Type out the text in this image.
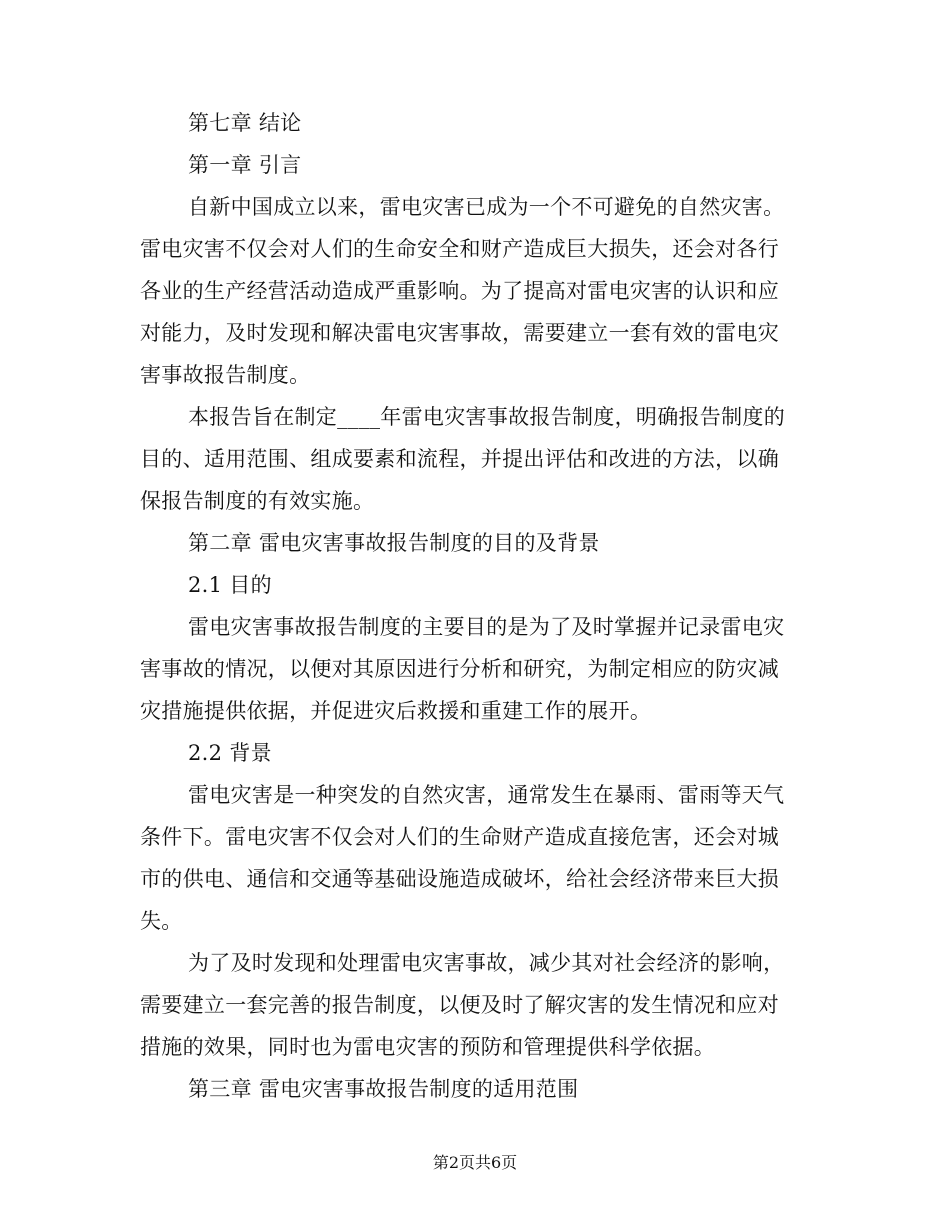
第七章 结论
第一章 引言
自新中国成立以来，雷电灾害已成为一个不可避免的自然灾害。
雷电灾害不仅会对人们的生命安全和财产造成巨大损失，还会对各行
各业的生产经营活动造成严重影响。为了提高对雷电灾害的认识和应
对能力，及时发现和解决雷电灾害事故，需要建立一套有效的雷电灾
害事故报告制度。
本报告旨在制定____年雷电灾害事故报告制度，明确报告制度的
目的、适用范围、组成要素和流程，并提出评估和改进的方法，以确
保报告制度的有效实施。
第二章 雷电灾害事故报告制度的目的及背景
2.1 目的
雷电灾害事故报告制度的主要目的是为了及时掌握并记录雷电灾
害事故的情况，以便对其原因进行分析和研究，为制定相应的防灾减
灾措施提供依据，并促进灾后救援和重建工作的展开。
2.2 背景
雷电灾害是一种突发的自然灾害，通常发生在暴雨、雷雨等天气
条件下。雷电灾害不仅会对人们的生命财产造成直接危害，还会对城
市的供电、通信和交通等基础设施造成破坏，给社会经济带来巨大损
失。
为了及时发现和处理雷电灾害事故，减少其对社会经济的影响，
需要建立一套完善的报告制度，以便及时了解灾害的发生情况和应对
措施的效果，同时也为雷电灾害的预防和管理提供科学依据。
第三章 雷电灾害事故报告制度的适用范围
第2页共6页
